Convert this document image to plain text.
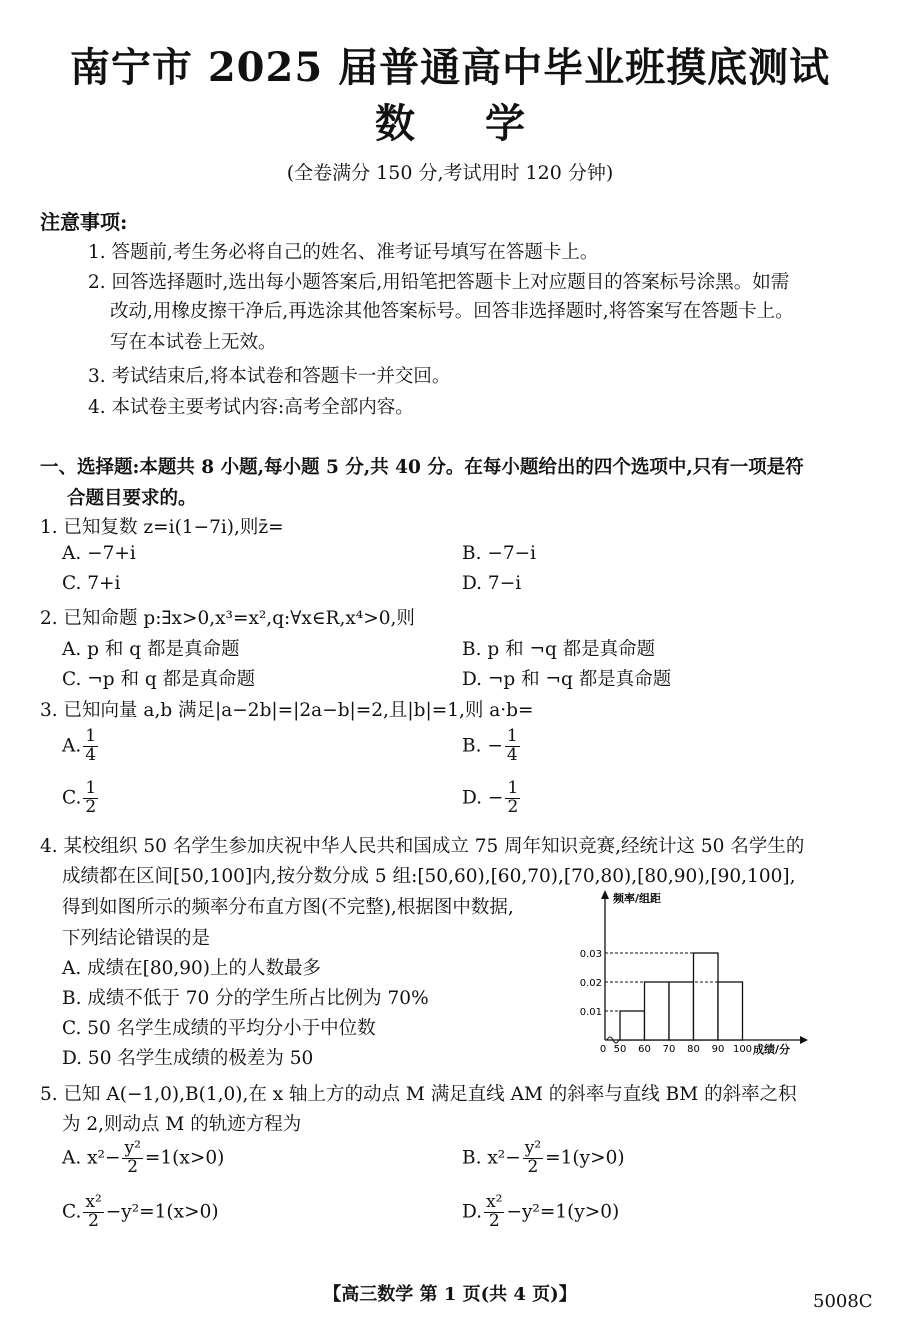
南宁市 2025 届普通高中毕业班摸底测试
数学
(全卷满分 150 分,考试用时 120 分钟)
注意事项:
1. 答题前,考生务必将自己的姓名、准考证号填写在答题卡上。
2. 回答选择题时,选出每小题答案后,用铅笔把答题卡上对应题目的答案标号涂黑。如需
改动,用橡皮擦干净后,再选涂其他答案标号。回答非选择题时,将答案写在答题卡上。
写在本试卷上无效。
3. 考试结束后,将本试卷和答题卡一并交回。
4. 本试卷主要考试内容:高考全部内容。
一、选择题:本题共 8 小题,每小题 5 分,共 40 分。在每小题给出的四个选项中,只有一项是符
合题目要求的。
1. 已知复数 z=i(1−7i),则z̄=
A. −7+i	B. −7−i
C. 7+i	D. 7−i
2. 已知命题 p:∃x>0,x³=x²,q:∀x∈R,x⁴>0,则
A. p 和 q 都是真命题	B. p 和 ¬q 都是真命题
C. ¬p 和 q 都是真命题	D. ¬p 和 ¬q 都是真命题
3. 已知向量 a,b 满足|a−2b|=|2a−b|=2,且|b|=1,则 a·b=
A. $\frac{1}{4}$	B. − $\frac{1}{4}$
C. $\frac{1}{2}$	D. − $\frac{1}{2}$
4. 某校组织 50 名学生参加庆祝中华人民共和国成立 75 周年知识竞赛,经统计这 50 名学生的
成绩都在区间[50,100]内,按分数分成 5 组:[50,60),[60,70),[70,80),[80,90),[90,100],
得到如图所示的频率分布直方图(不完整),根据图中数据,
下列结论错误的是
A. 成绩在[80,90)上的人数最多
B. 成绩不低于 70 分的学生所占比例为 70%
C. 50 名学生成绩的平均分小于中位数
D. 50 名学生成绩的极差为 50
0.01
0.02
0.03
0 50 60 70 80 90 100
频率/组距
成绩/分
5. 已知 A(−1,0),B(1,0),在 x 轴上方的动点 M 满足直线 AM 的斜率与直线 BM 的斜率之积
为 2,则动点 M 的轨迹方程为
A. $x^2- \frac{\text{y²}}{2} =1(x>0)$	B. $x^2- \frac{\text{y²}}{2} =1(y>0)$
C. $\frac{\text{x²}}{2} -y^2=1(x>0)$	D. $\frac{\text{x²}}{2} -y^2=1(y>0)$
【高三数学 第 1 页(共 4 页)】	5008C
